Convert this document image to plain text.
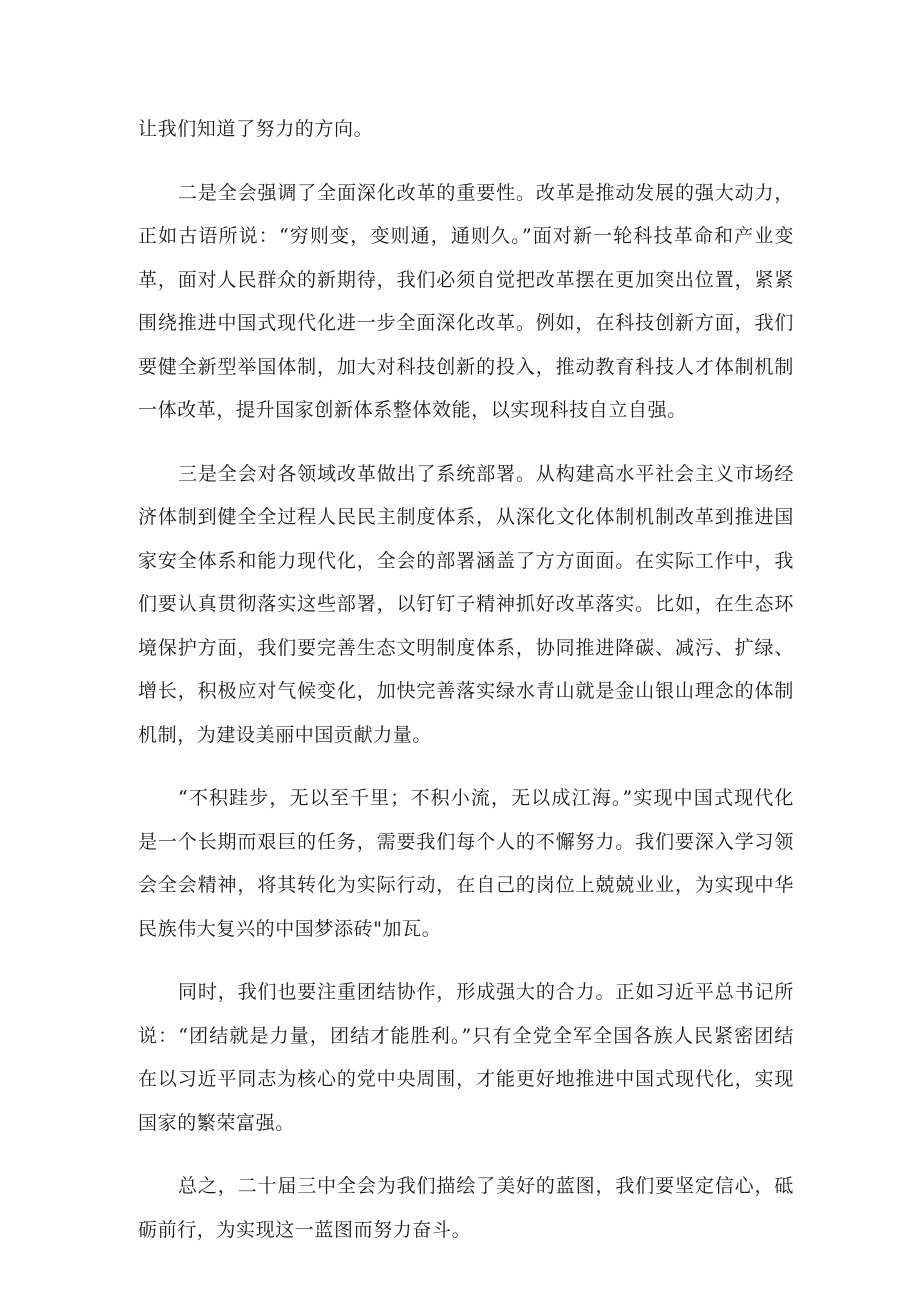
让我们知道了努力的方向。

二是全会强调了全面深化改革的重要性。改革是推动发展的强大动力，正如古语所说：“穷则变，变则通，通则久。”面对新一轮科技革命和产业变革，面对人民群众的新期待，我们必须自觉把改革摆在更加突出位置，紧紧围绕推进中国式现代化进一步全面深化改革。例如，在科技创新方面，我们要健全新型举国体制，加大对科技创新的投入，推动教育科技人才体制机制一体改革，提升国家创新体系整体效能，以实现科技自立自强。

三是全会对各领域改革做出了系统部署。从构建高水平社会主义市场经济体制到健全全过程人民民主制度体系，从深化文化体制机制改革到推进国家安全体系和能力现代化，全会的部署涵盖了方方面面。在实际工作中，我们要认真贯彻落实这些部署，以钉钉子精神抓好改革落实。比如，在生态环境保护方面，我们要完善生态文明制度体系，协同推进降碳、减污、扩绿、增长，积极应对气候变化，加快完善落实绿水青山就是金山银山理念的体制机制，为建设美丽中国贡献力量。

“不积跬步，无以至千里；不积小流，无以成江海。”实现中国式现代化是一个长期而艰巨的任务，需要我们每个人的不懈努力。我们要深入学习领会全会精神，将其转化为实际行动，在自己的岗位上兢兢业业，为实现中华民族伟大复兴的中国梦添砖"加瓦。

同时，我们也要注重团结协作，形成强大的合力。正如习近平总书记所说：“团结就是力量，团结才能胜利。”只有全党全军全国各族人民紧密团结在以习近平同志为核心的党中央周围，才能更好地推进中国式现代化，实现国家的繁荣富强。

总之，二十届三中全会为我们描绘了美好的蓝图，我们要坚定信心，砥砺前行，为实现这一蓝图而努力奋斗。
